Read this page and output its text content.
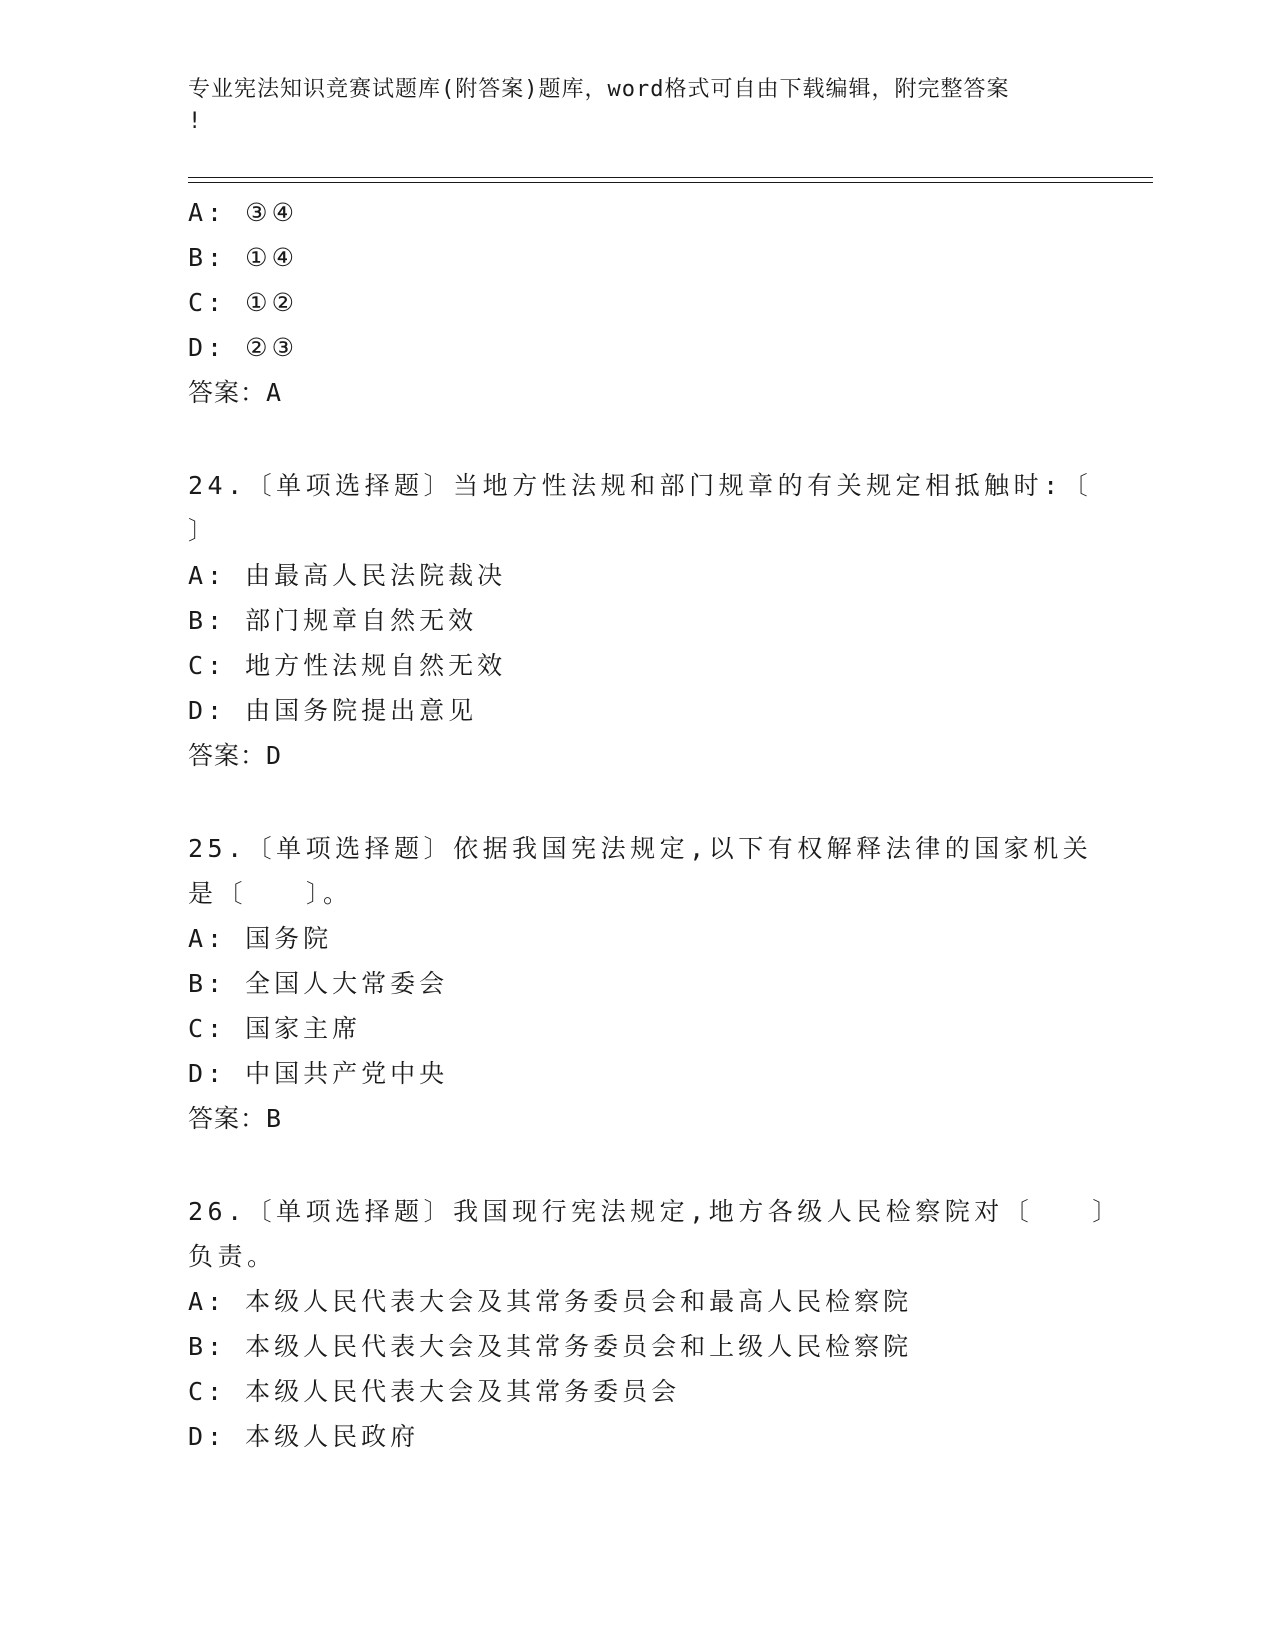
专业宪法知识竞赛试题库(附答案)题库，word格式可自由下载编辑，附完整答案
!
A: ③④
B: ①④
C: ①②
D: ②③
答案：A
24.〔单项选择题〕当地方性法规和部门规章的有关规定相抵触时:〔
〕
A: 由最高人民法院裁决
B: 部门规章自然无效
C: 地方性法规自然无效
D: 由国务院提出意见
答案：D
25.〔单项选择题〕依据我国宪法规定,以下有权解释法律的国家机关
是〔　　〕。
A: 国务院
B: 全国人大常委会
C: 国家主席
D: 中国共产党中央
答案：B
26.〔单项选择题〕我国现行宪法规定,地方各级人民检察院对〔　　〕
负责。
A: 本级人民代表大会及其常务委员会和最高人民检察院
B: 本级人民代表大会及其常务委员会和上级人民检察院
C: 本级人民代表大会及其常务委员会
D: 本级人民政府
